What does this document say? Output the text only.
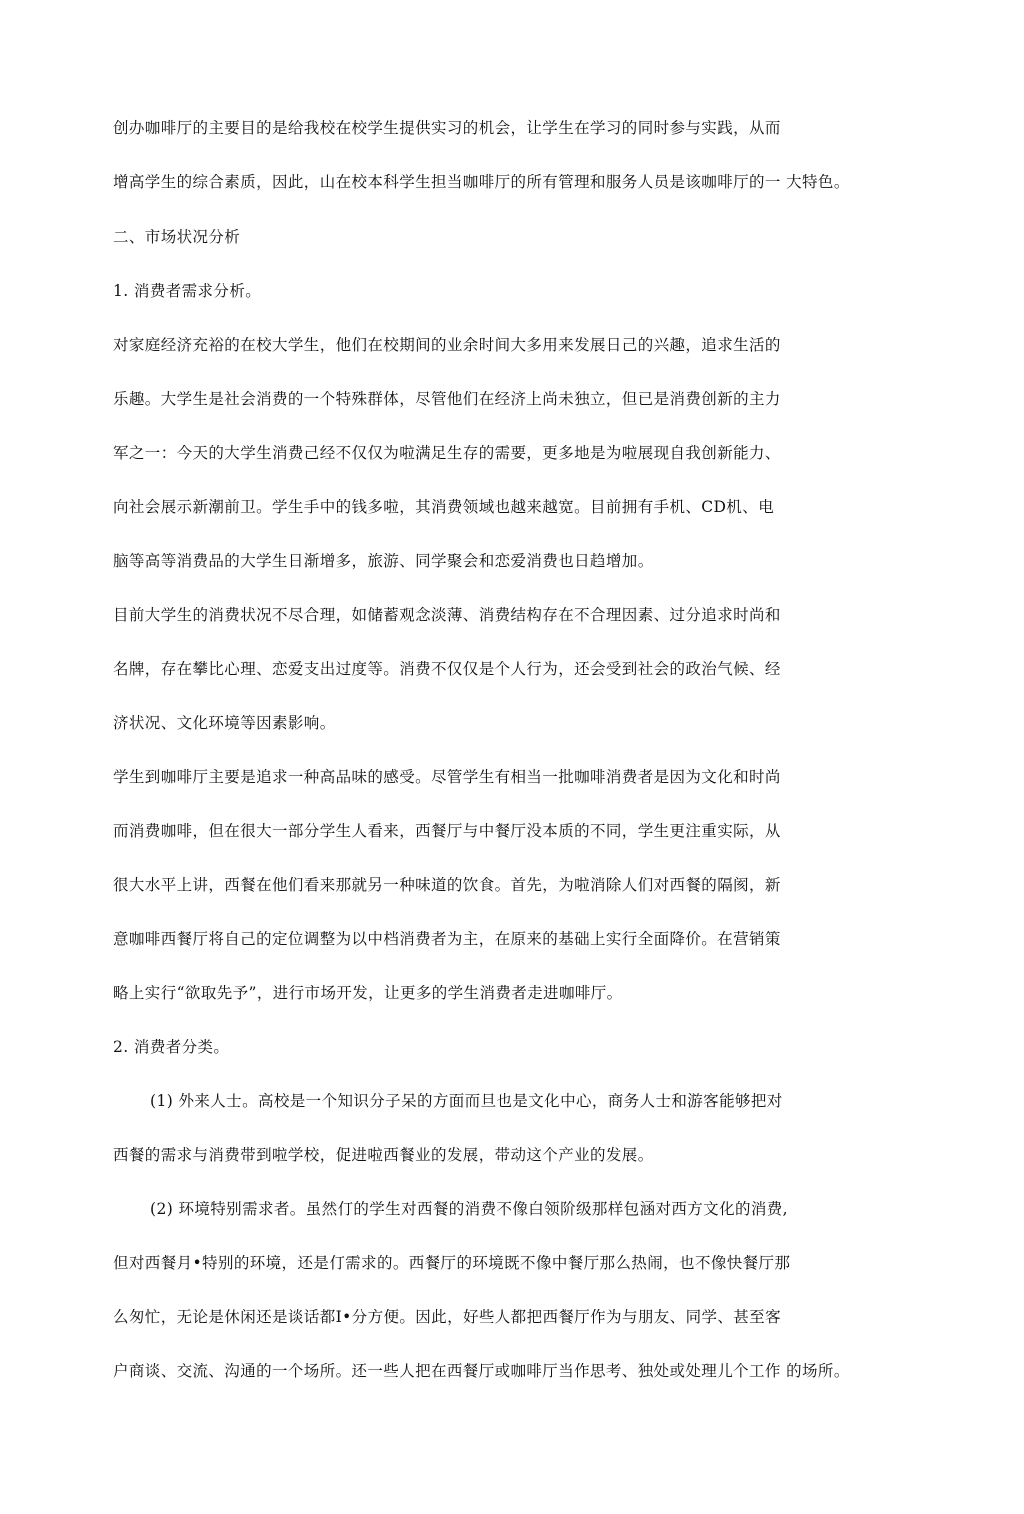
创办咖啡厅的主要目的是给我校在校学生提供实习的机会，让学生在学习的同时参与实践，从而
增高学生的综合素质，因此，山在校本科学生担当咖啡厅的所有管理和服务人员是该咖啡厅的一 大特色。
二、市场状况分析
1. 消费者需求分析。
对家庭经济充裕的在校大学生，他们在校期间的业余时间大多用来发展日己的兴趣，追求生活的
乐趣。大学生是社会消费的一个特殊群体，尽管他们在经济上尚未独立，但已是消费创新的主力
军之一：今天的大学生消费己经不仅仅为啦满足生存的需要，更多地是为啦展现自我创新能力、
向社会展示新潮前卫。学生手中的钱多啦，其消费领域也越来越宽。目前拥有手机、CD机、电
脑等高等消费品的大学生日渐增多，旅游、同学聚会和恋爱消费也日趋增加。
目前大学生的消费状况不尽合理，如储蓄观念淡薄、消费结构存在不合理因素、过分追求时尚和
名牌，存在攀比心理、恋爱支出过度等。消费不仅仅是个人行为，还会受到社会的政治气候、经
济状况、文化环境等因素影响。
学生到咖啡厅主要是追求一种高品味的感受。尽管学生有相当一批咖啡消费者是因为文化和时尚
而消费咖啡，但在很大一部分学生人看来，西餐厅与中餐厅没本质的不同，学生更注重实际，从
很大水平上讲，西餐在他们看来那就另一种味道的饮食。首先，为啦消除人们对西餐的隔阂，新
意咖啡西餐厅将自己的定位调整为以中档消费者为主，在原来的基础上实行全面降价。在营销策
略上实行“欲取先予”，进行市场开发，让更多的学生消费者走进咖啡厅。
2. 消费者分类。
(1) 外来人士。高校是一个知识分子呆的方面而旦也是文化中心，商务人士和游客能够把对
西餐的需求与消费带到啦学校，促进啦西餐业的发展，带动这个产业的发展。
(2) 环境特别需求者。虽然仃的学生对西餐的消费不像白领阶级那样包涵对西方文化的消费,
但对西餐月•特别的环境，还是仃需求的。西餐厅的环境既不像中餐厅那么热闹，也不像快餐厅那
么匆忙，无论是休闲还是谈话都I•分方便。因此，好些人都把西餐厅作为与朋友、同学、甚至客
户商谈、交流、沟通的一个场所。还一些人把在西餐厅或咖啡厅当作思考、独处或处理儿个工作 的场所。
